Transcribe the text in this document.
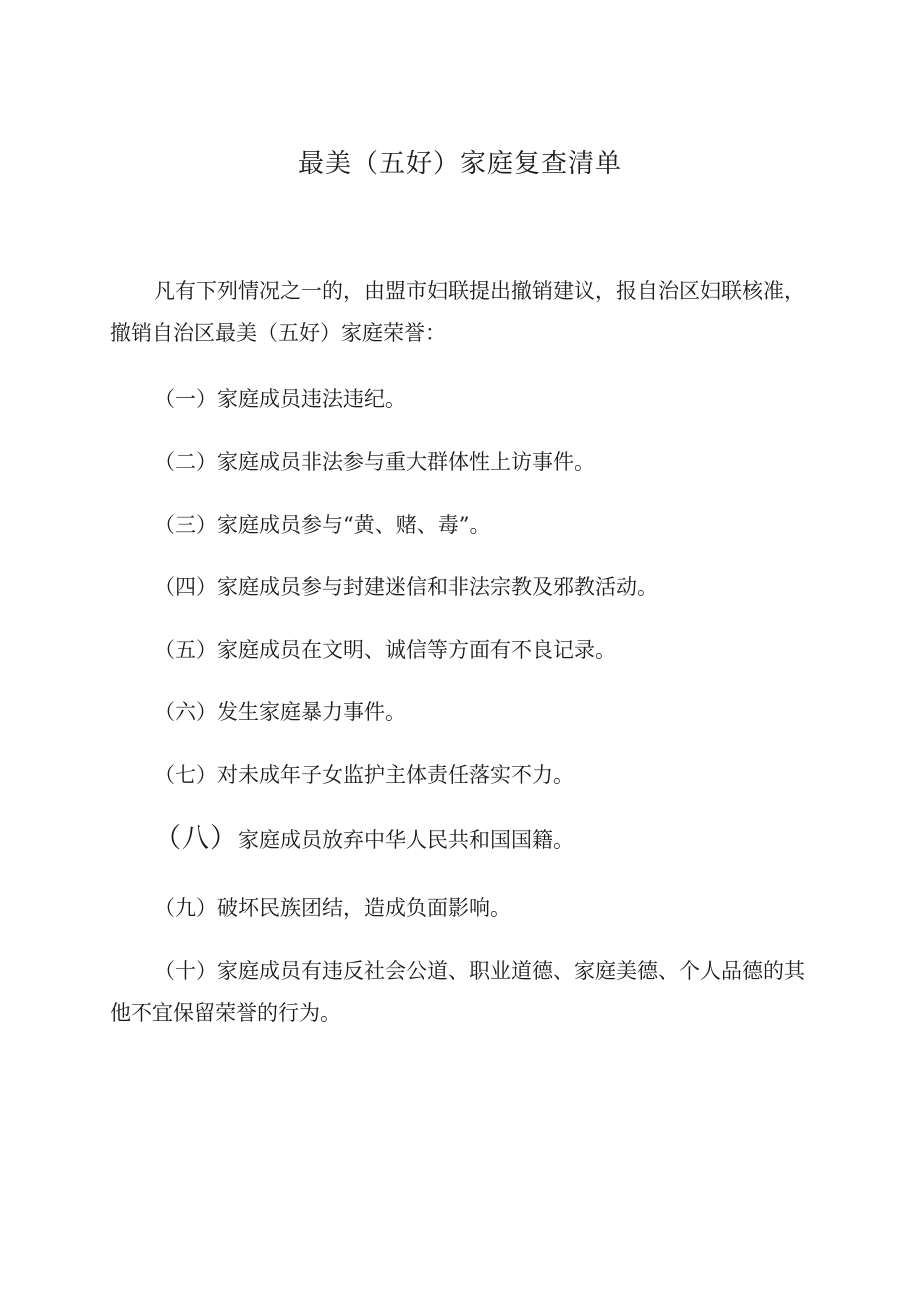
最美（五好）家庭复查清单

凡有下列情况之一的，由盟市妇联提出撤销建议，报自治区妇联核准，撤销自治区最美（五好）家庭荣誉：

（一）家庭成员违法违纪。

（二）家庭成员非法参与重大群体性上访事件。

（三）家庭成员参与“黄、赌、毒”。

（四）家庭成员参与封建迷信和非法宗教及邪教活动。

（五）家庭成员在文明、诚信等方面有不良记录。

（六）发生家庭暴力事件。

（七）对未成年子女监护主体责任落实不力。

（八）家庭成员放弃中华人民共和国国籍。

（九）破坏民族团结，造成负面影响。

（十）家庭成员有违反社会公道、职业道德、家庭美德、个人品德的其他不宜保留荣誉的行为。
